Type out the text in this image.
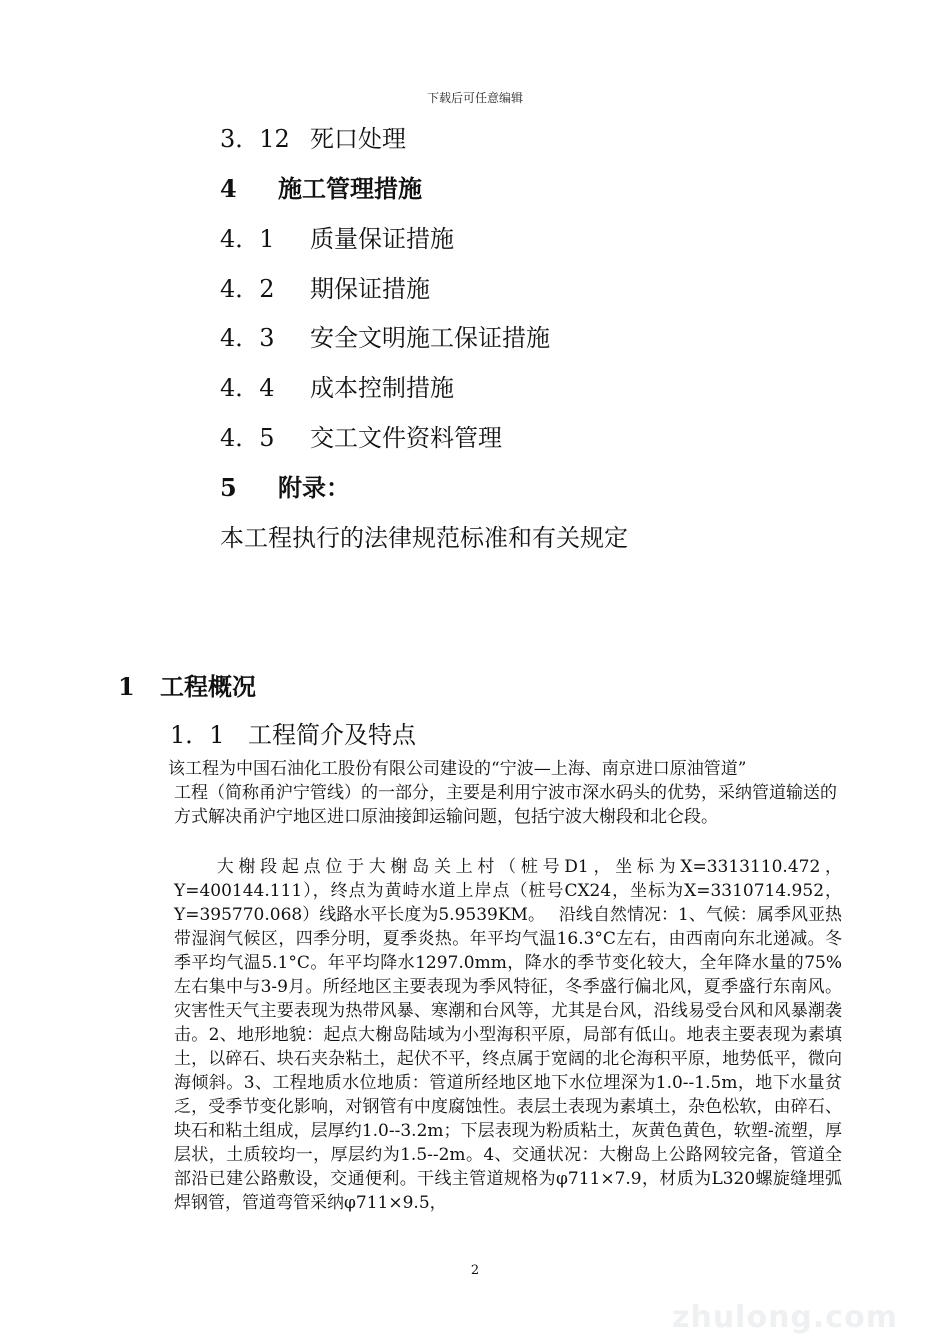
下载后可任意编辑
3．12 死口处理
4 施工管理措施
4．1 质量保证措施
4．2 期保证措施
4．3 安全文明施工保证措施
4．4 成本控制措施
4．5 交工文件资料管理
5 附录：
本工程执行的法律规范标准和有关规定
1 工程概况
1．1 工程简介及特点
该工程为中国石油化工股份有限公司建设的“宁波—上海、南京进口原油管道”
工程（简称甬沪宁管线）的一部分，主要是利用宁波市深水码头的优势，采纳管道输送的方式解决甬沪宁地区进口原油接卸运输问题，包括宁波大榭段和北仑段。
大榭段起点位于大榭岛关上村（桩号D1，坐标为X=3313110.472，Y=400144.111），终点为黄峙水道上岸点（桩号CX24，坐标为X=3310714.952， Y=395770.068）线路水平长度为5.9539KM。　 沿线自然情况：1、气候：属季风亚热带湿润气候区，四季分明，夏季炎热。年平均气温16.3°C左右，由西南向东北递减。冬季平均气温5.1°C。年平均降水1297.0mm，降水的季节变化较大，全年降水量的75%左右集中与3-9月。所经地区主要表现为季风特征，冬季盛行偏北风，夏季盛行东南风。灾害性天气主要表现为热带风暴、寒潮和台风等，尤其是台风，沿线易受台风和风暴潮袭击。2、地形地貌：起点大榭岛陆域为小型海积平原，局部有低山。地表主要表现为素填土，以碎石、块石夹杂粘土，起伏不平，终点属于宽阔的北仑海积平原，地势低平，微向海倾斜。3、工程地质水位地质：管道所经地区地下水位埋深为1.0--1.5m，地下水量贫乏，受季节变化影响，对钢管有中度腐蚀性。表层土表现为素填土，杂色松软，由碎石、块石和粘土组成，层厚约1.0--3.2m；下层表现为粉质粘土，灰黄色黄色，软塑-流塑，厚层状，土质较均一，厚层约为1.5--2m。4、交通状况：大榭岛上公路网较完备，管道全部沿已建公路敷设，交通便利。干线主管道规格为φ711×7.9，材质为L320螺旋缝埋弧焊钢管，管道弯管采纳φ711×9.5，
2
zhulong.com
